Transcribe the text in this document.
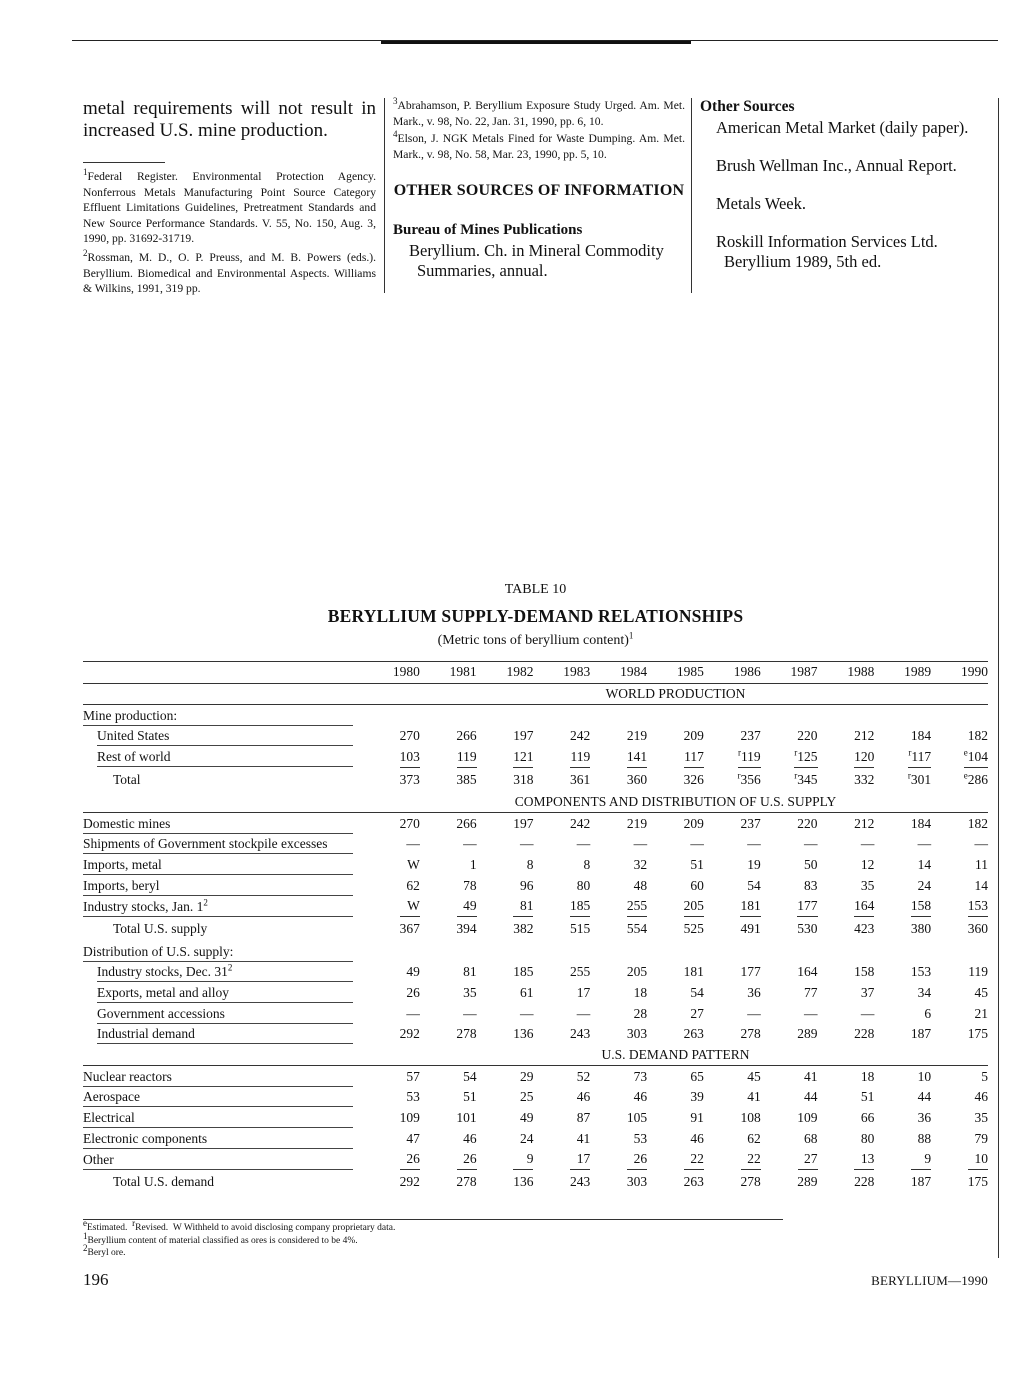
metal requirements will not result in increased U.S. mine production.

$^1$Federal Register. Environmental Protection Agency. Nonferrous Metals Manufacturing Point Source Category Effluent Limitations Guidelines, Pretreatment Standards and New Source Performance Standards. V. 55, No. 150, Aug. 3, 1990, pp. 31692-31719.

$^2$Rossman, M. D., O. P. Preuss, and M. B. Powers (eds.). Beryllium. Biomedical and Environmental Aspects. Williams & Wilkins, 1991, 319 pp.

$^3$Abrahamson, P. Beryllium Exposure Study Urged. Am. Met. Mark., v. 98, No. 22, Jan. 31, 1990, pp. 6, 10.

$^4$Elson, J. NGK Metals Fined for Waste Dumping. Am. Met. Mark., v. 98, No. 58, Mar. 23, 1990, pp. 5, 10.

OTHER SOURCES OF INFORMATION

Bureau of Mines Publications

Beryllium. Ch. in Mineral Commodity Summaries, annual.

Other Sources

American Metal Market (daily paper).

Brush Wellman Inc., Annual Report.

Metals Week.

Roskill Information Services Ltd. Beryllium 1989, 5th ed.

TABLE 10

BERYLLIUM SUPPLY-DEMAND RELATIONSHIPS

(Metric tons of beryllium content)$^1$

	1980	1981	1982	1983	1984	1985	1986	1987	1988	1989	1990
	WORLD PRODUCTION										
Mine production:											
United States	270	266	197	242	219	209	237	220	212	184	182
Rest of world	103	119	121	119	141	117	$^r$119	$^r$125	120	$^r$117	$^e$104
Total	373	385	318	361	360	326	$^r$356	$^r$345	332	$^r$301	$^e$286
	COMPONENTS AND DISTRIBUTION OF U.S. SUPPLY										
Domestic mines	270	266	197	242	219	209	237	220	212	184	182
Shipments of Government stockpile excesses	—	—	—	—	—	—	—	—	—	—	—
Imports, metal	W	1	8	8	32	51	19	50	12	14	11
Imports, beryl	62	78	96	80	48	60	54	83	35	24	14
Industry stocks, Jan. $1^2$	W	49	81	185	255	205	181	177	164	158	153
Total U.S. supply	367	394	382	515	554	525	491	530	423	380	360
Distribution of U.S. supply:											
Industry stocks, Dec. $31^2$	49	81	185	255	205	181	177	164	158	153	119
Exports, metal and alloy	26	35	61	17	18	54	36	77	37	34	45
Government accessions	—	—	—	—	28	27	—	—	—	6	21
Industrial demand	292	278	136	243	303	263	278	289	228	187	175
	U.S. DEMAND PATTERN										
Nuclear reactors	57	54	29	52	73	65	45	41	18	10	5
Aerospace	53	51	25	46	46	39	41	44	51	44	46
Electrical	109	101	49	87	105	91	108	109	66	36	35
Electronic components	47	46	24	41	53	46	62	68	80	88	79
Other	26	26	9	17	26	22	22	27	13	9	10
Total U.S. demand	292	278	136	243	303	263	278	289	228	187	175

eEstimated.  rRevised.  W Withheld to avoid disclosing company proprietary data.

1Beryllium content of material classified as ores is considered to be 4%.

2Beryl ore.

196	BERYLLIUM—1990
